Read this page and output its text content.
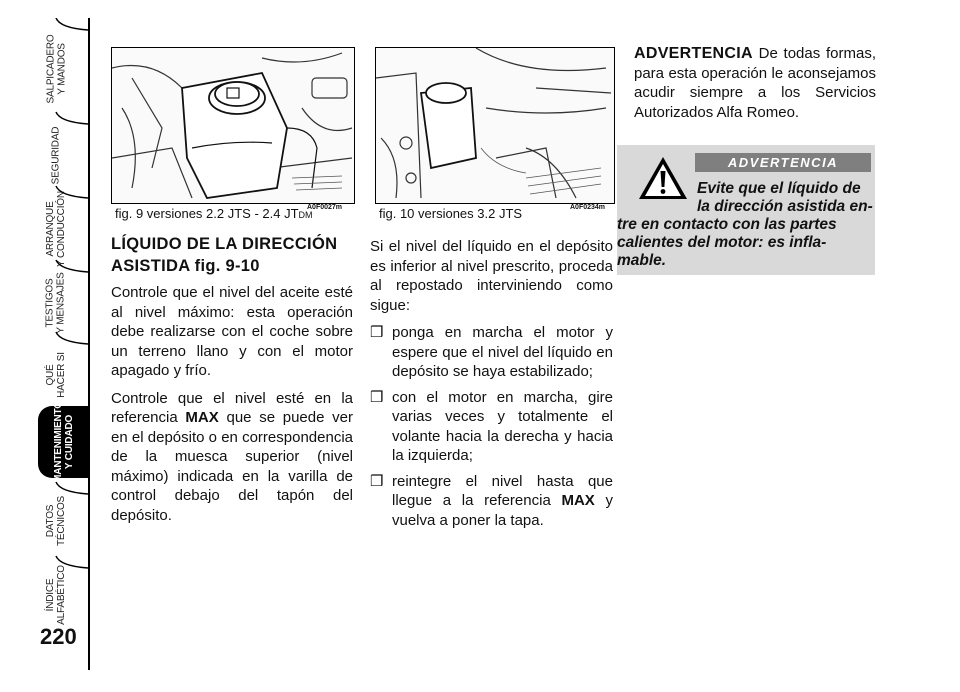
SALPICADERO
Y MANDOS
SEGURIDAD
ARRANQUE
Y CONDUCCIÓN
TESTIGOS
Y MENSAJES
QUÉ
HACER SI
MANTENIMIENTO
Y CUIDADO
DATOS
TÉCNICOS
ÍNDICE
ALFABÉTICO
220
fig. 9 versiones 2.2 JTS - 2.4 JTDM
A0F0027m	fig. 10 versiones 3.2 JTS	A0F0234m
LÍQUIDO DE LA DIRECCIÓN
ASISTIDA fig. 9-10

Controle que el nivel del aceite esté al nivel máximo: esta operación debe realizarse con el coche sobre un terreno llano y con el motor apagado y frío.

Controle que el nivel esté en la referencia MAX que se puede ver en el depósito o en correspondencia de la muesca superior (nivel máximo) indicada en la varilla de control debajo del tapón del depósito.

Si el nivel del líquido en el depósito es inferior al nivel prescrito, proceda al repostado interviniendo como sigue:

❒ ponga en marcha el motor y espere que el nivel del líquido en depósito se haya estabilizado;
❒ con el motor en marcha, gire varias veces y totalmente el volante hacia la derecha y hacia la izquierda;
❒ reintegre el nivel hasta que llegue a la referencia MAX y vuelva a poner la tapa.

ADVERTENCIA De todas formas, para esta operación le aconsejamos acudir siempre a los Servicios Autorizados Alfa Romeo.

ADVERTENCIA
Evite que el líquido de
la dirección asistida en-
tre en contacto con las partes
calientes del motor: es infla-
mable.
